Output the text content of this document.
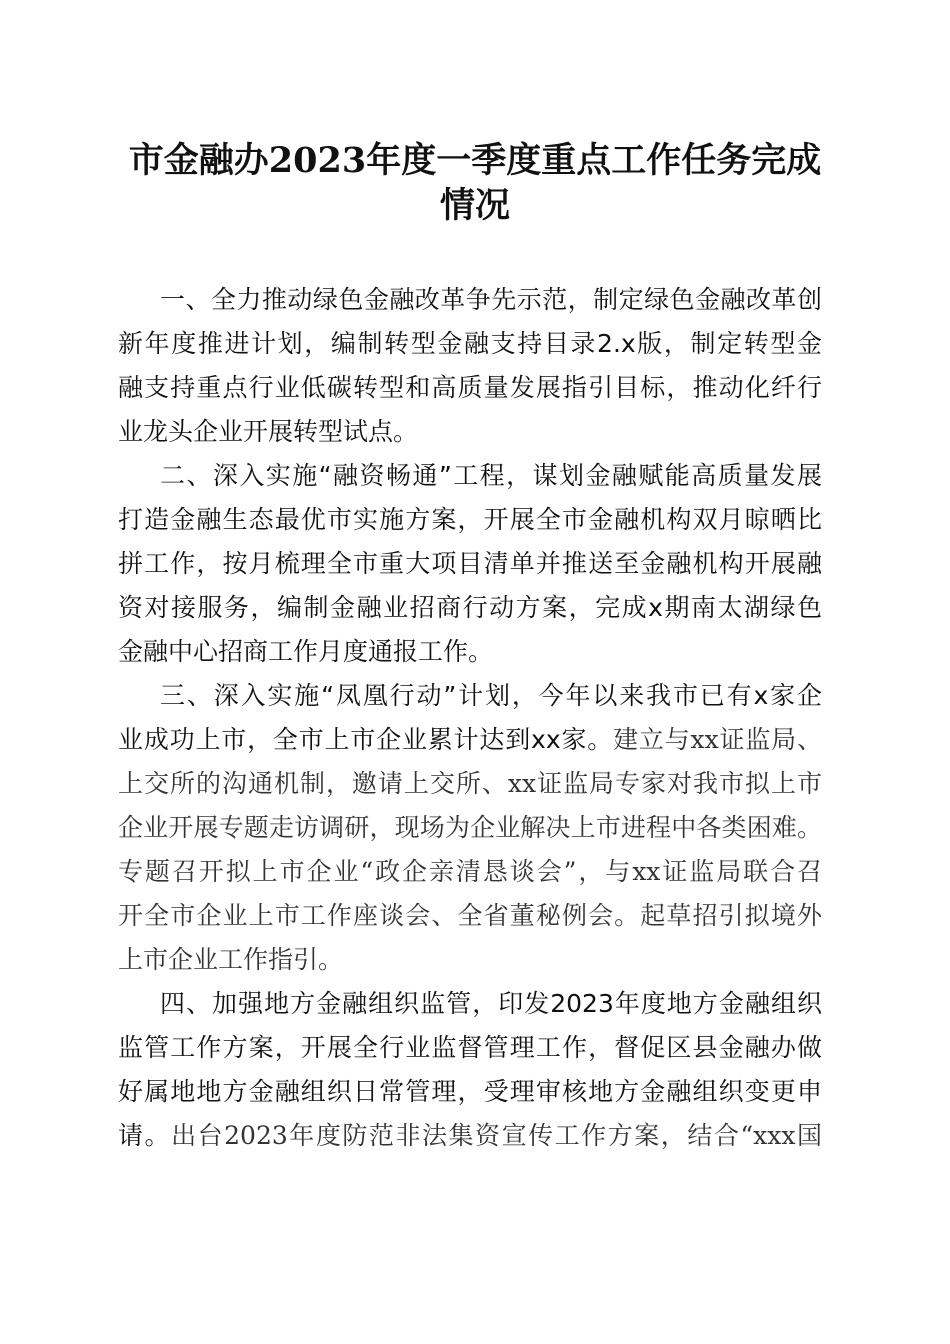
市金融办2023年度一季度重点工作任务完成
情况
一、全力推动绿色金融改革争先示范，制定绿色金融改革创
新年度推进计划，编制转型金融支持目录2.x版，制定转型金
融支持重点行业低碳转型和高质量发展指引目标，推动化纤行
业龙头企业开展转型试点。
二、深入实施“融资畅通”工程，谋划金融赋能高质量发展
打造金融生态最优市实施方案，开展全市金融机构双月晾晒比
拼工作，按月梳理全市重大项目清单并推送至金融机构开展融
资对接服务，编制金融业招商行动方案，完成x期南太湖绿色
金融中心招商工作月度通报工作。
三、深入实施“凤凰行动”计划，今年以来我市已有x家企
业成功上市，全市上市企业累计达到xx家。建立与xx证监局、
上交所的沟通机制，邀请上交所、xx证监局专家对我市拟上市
企业开展专题走访调研，现场为企业解决上市进程中各类困难。
专题召开拟上市企业“政企亲清恳谈会”，与xx证监局联合召
开全市企业上市工作座谈会、全省董秘例会。起草招引拟境外
上市企业工作指引。
四、加强地方金融组织监管，印发2023年度地方金融组织
监管工作方案，开展全行业监督管理工作，督促区县金融办做
好属地地方金融组织日常管理，受理审核地方金融组织变更申
请。出台2023年度防范非法集资宣传工作方案，结合“xxx国
